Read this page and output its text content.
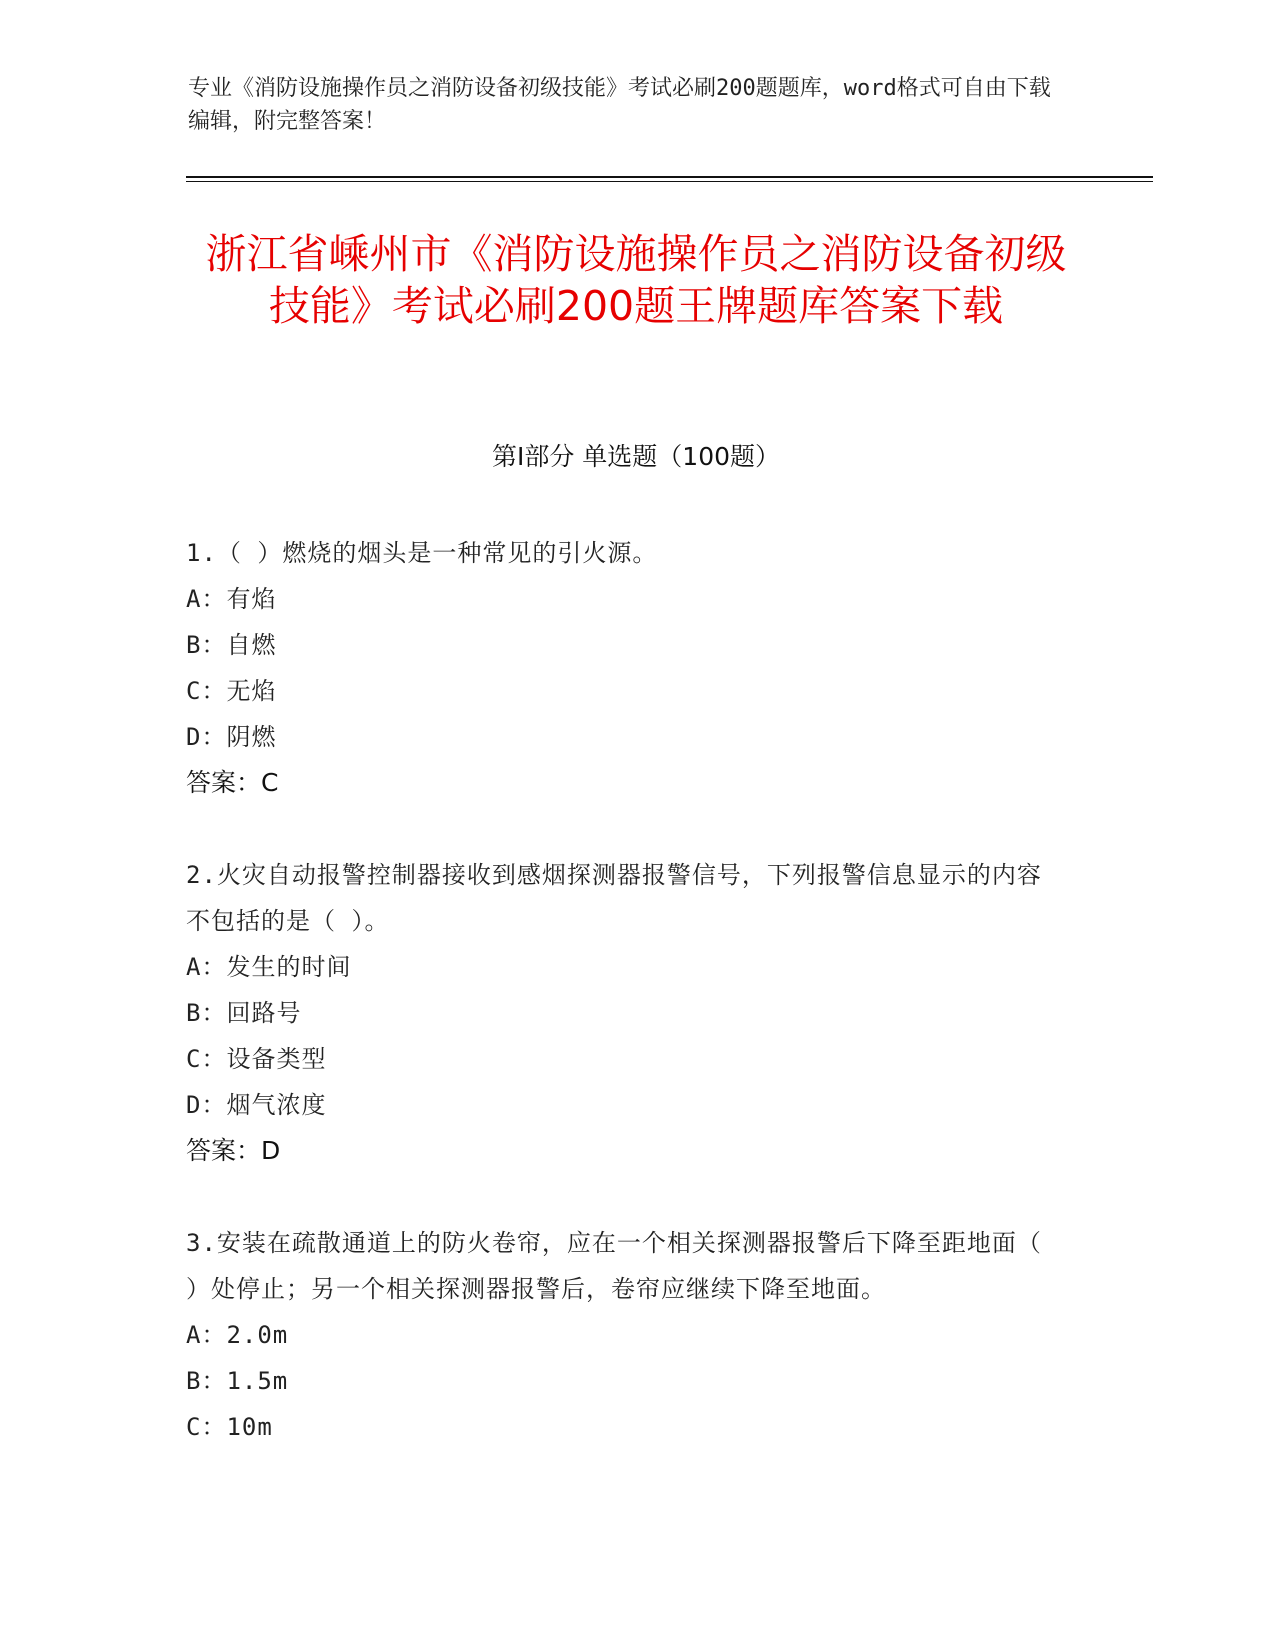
专业《消防设施操作员之消防设备初级技能》考试必刷200题题库，word格式可自由下载编辑，附完整答案！
浙江省嵊州市《消防设施操作员之消防设备初级技能》考试必刷200题王牌题库答案下载
第I部分 单选题（100题）
1.（ ）燃烧的烟头是一种常见的引火源。
A：有焰
B：自燃
C：无焰
D：阴燃
答案：C
2.火灾自动报警控制器接收到感烟探测器报警信号，下列报警信息显示的内容不包括的是（ ）。
A：发生的时间
B：回路号
C：设备类型
D：烟气浓度
答案：D
3.安装在疏散通道上的防火卷帘，应在一个相关探测器报警后下降至距地面（ ）处停止；另一个相关探测器报警后，卷帘应继续下降至地面。
A：2.0m
B：1.5m
C：10m
